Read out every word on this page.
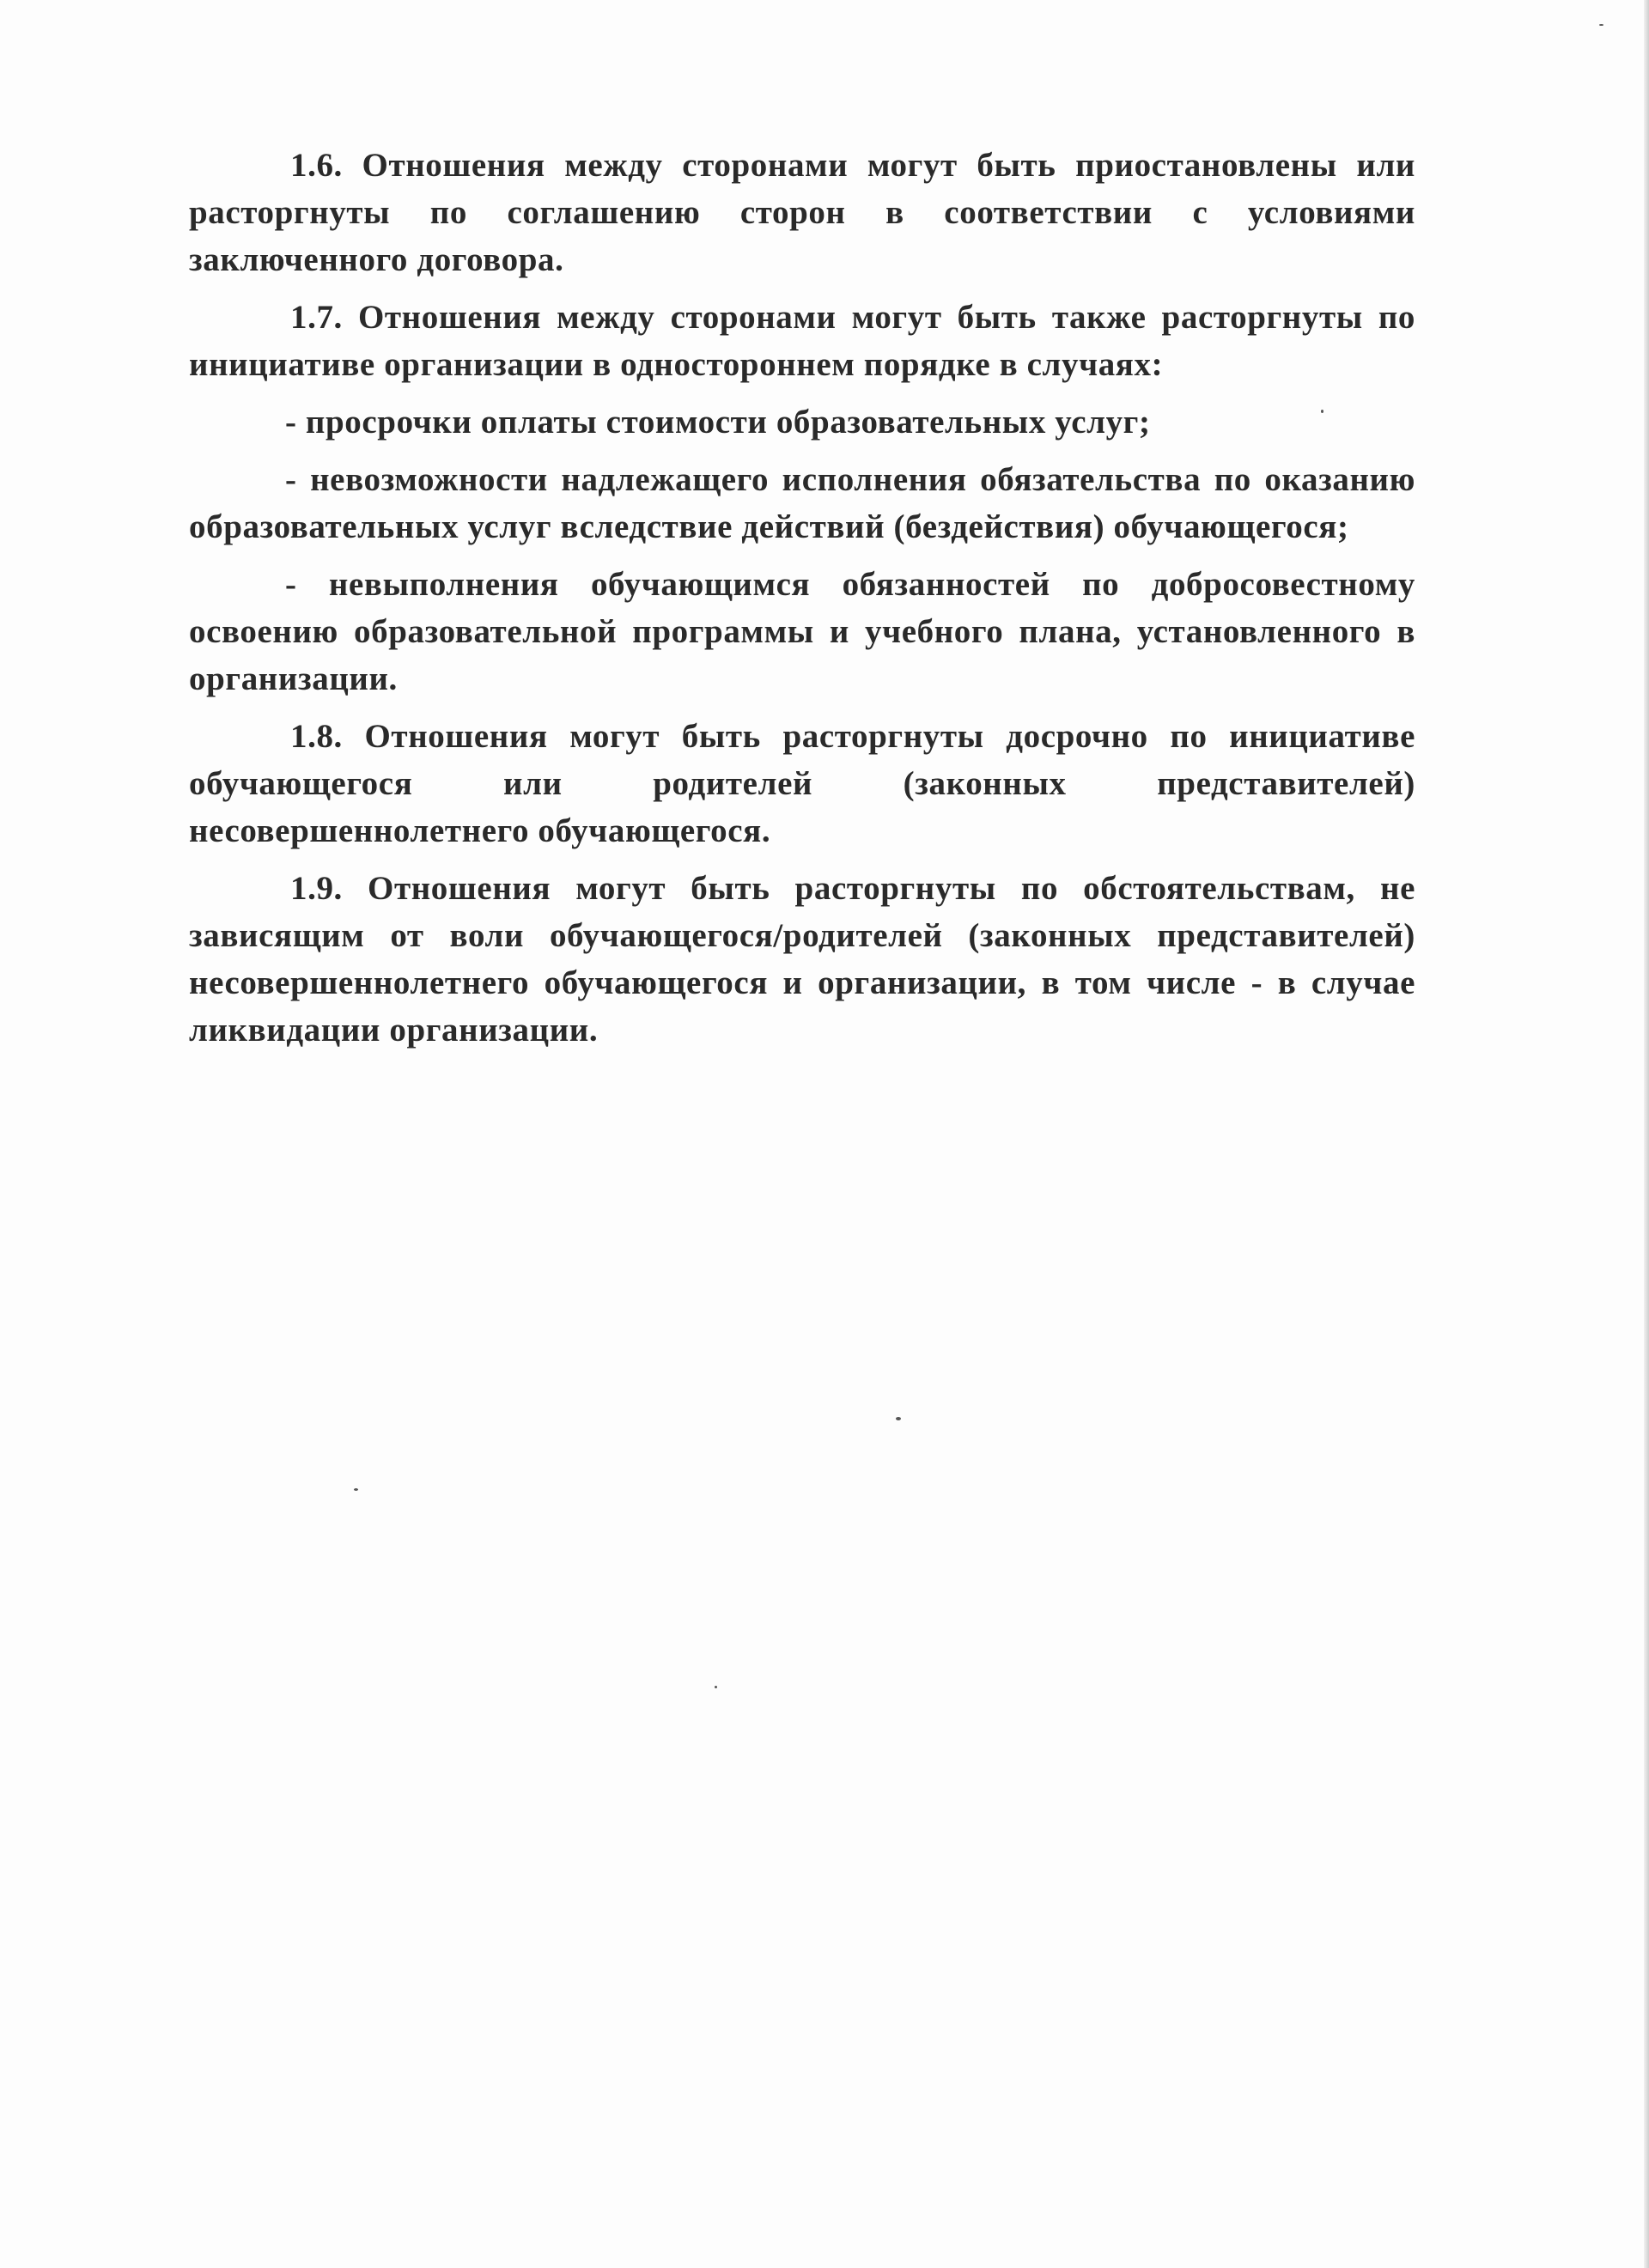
1.6. Отношения между сторонами могут быть приостановлены или расторгнуты по соглашению сторон в соответствии с условиями заключенного договора.

1.7. Отношения между сторонами могут быть также расторгнуты по инициативе организации в одностороннем порядке в случаях:

- просрочки оплаты стоимости образовательных услуг;

- невозможности надлежащего исполнения обязательства по оказанию образовательных услуг вследствие действий (бездействия) обучающегося;

- невыполнения обучающимся обязанностей по добросовестному освоению образовательной программы и учебного плана, установленного в организации.

1.8. Отношения могут быть расторгнуты досрочно по инициативе обучающегося или родителей (законных представителей) несовершеннолетнего обучающегося.

1.9. Отношения могут быть расторгнуты по обстоятельствам, не зависящим от воли обучающегося/родителей (законных представителей) несовершеннолетнего обучающегося и организации, в том числе - в случае ликвидации организации.
